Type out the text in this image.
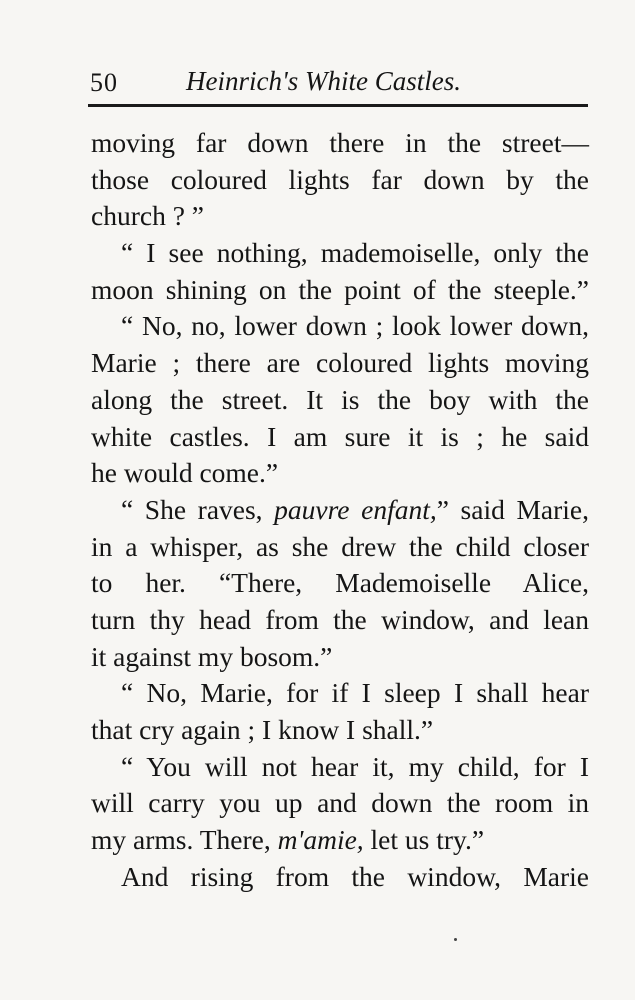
50	Heinrich's White Castles.
moving far down there in the street—
those coloured lights far down by the
church ? ”
“ I see nothing, mademoiselle, only the
moon shining on the point of the steeple.”
“ No, no, lower down ; look lower down,
Marie ; there are coloured lights moving
along the street. It is the boy with the
white castles. I am sure it is ; he said
he would come.”
“ She raves, pauvre enfant,” said Marie,
in a whisper, as she drew the child closer
to her. “There, Mademoiselle Alice,
turn thy head from the window, and lean
it against my bosom.”
“ No, Marie, for if I sleep I shall hear
that cry again ; I know I shall.”
“ You will not hear it, my child, for I
will carry you up and down the room in
my arms. There, m'amie, let us try.”
And rising from the window, Marie
